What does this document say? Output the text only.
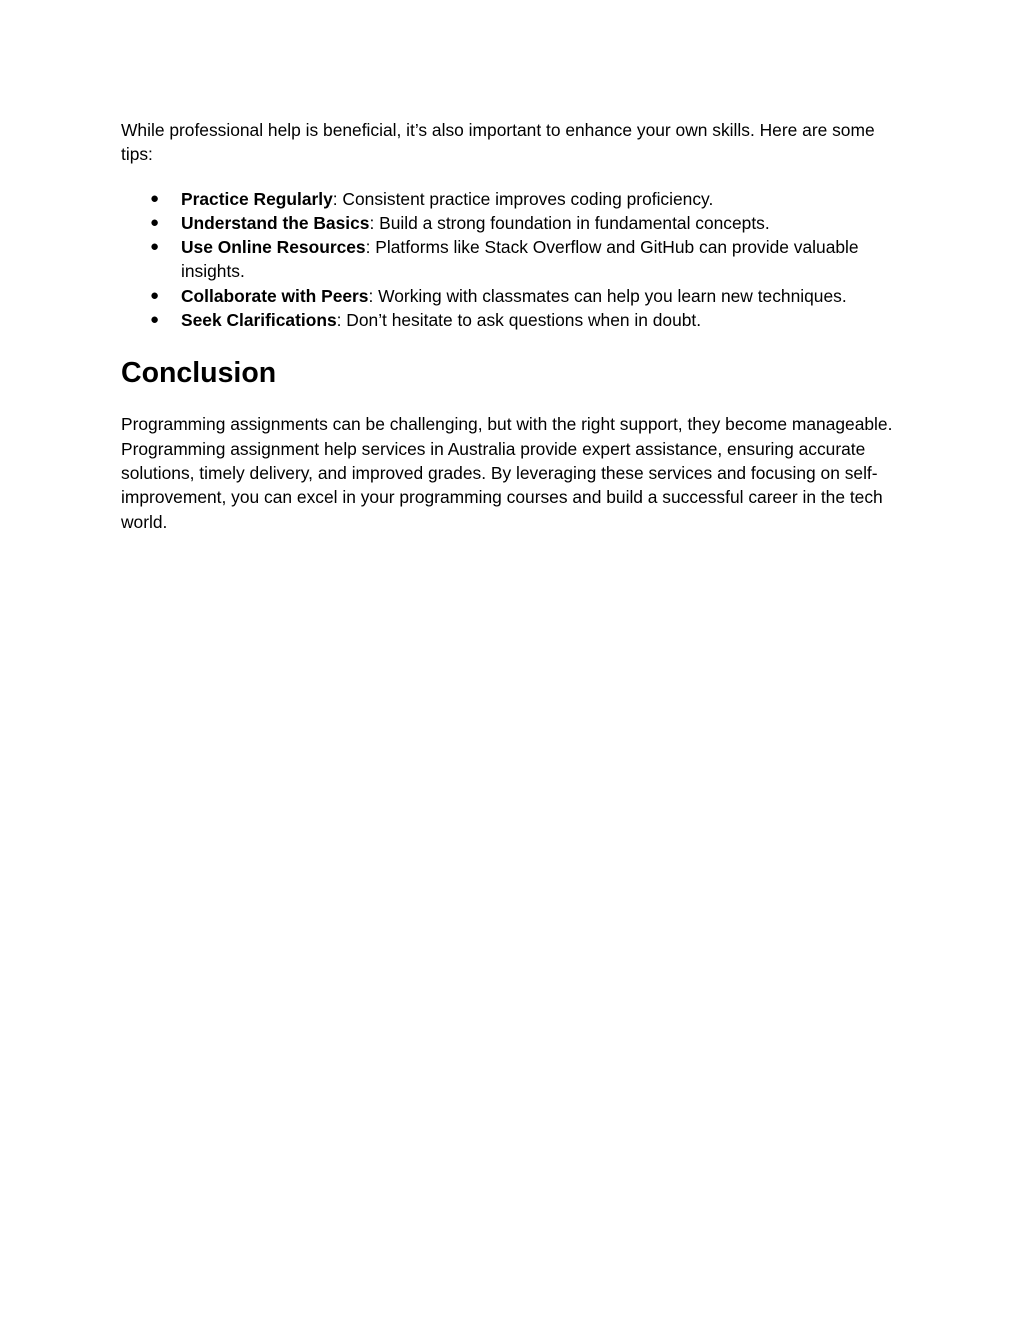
While professional help is beneficial, it’s also important to enhance your own skills. Here are some tips:

● Practice Regularly: Consistent practice improves coding proficiency.
● Understand the Basics: Build a strong foundation in fundamental concepts.
● Use Online Resources: Platforms like Stack Overflow and GitHub can provide valuable insights.
● Collaborate with Peers: Working with classmates can help you learn new techniques.
● Seek Clarifications: Don’t hesitate to ask questions when in doubt.
Conclusion

Programming assignments can be challenging, but with the right support, they become manageable. Programming assignment help services in Australia provide expert assistance, ensuring accurate solutions, timely delivery, and improved grades. By leveraging these services and focusing on self-improvement, you can excel in your programming courses and build a successful career in the tech world.
